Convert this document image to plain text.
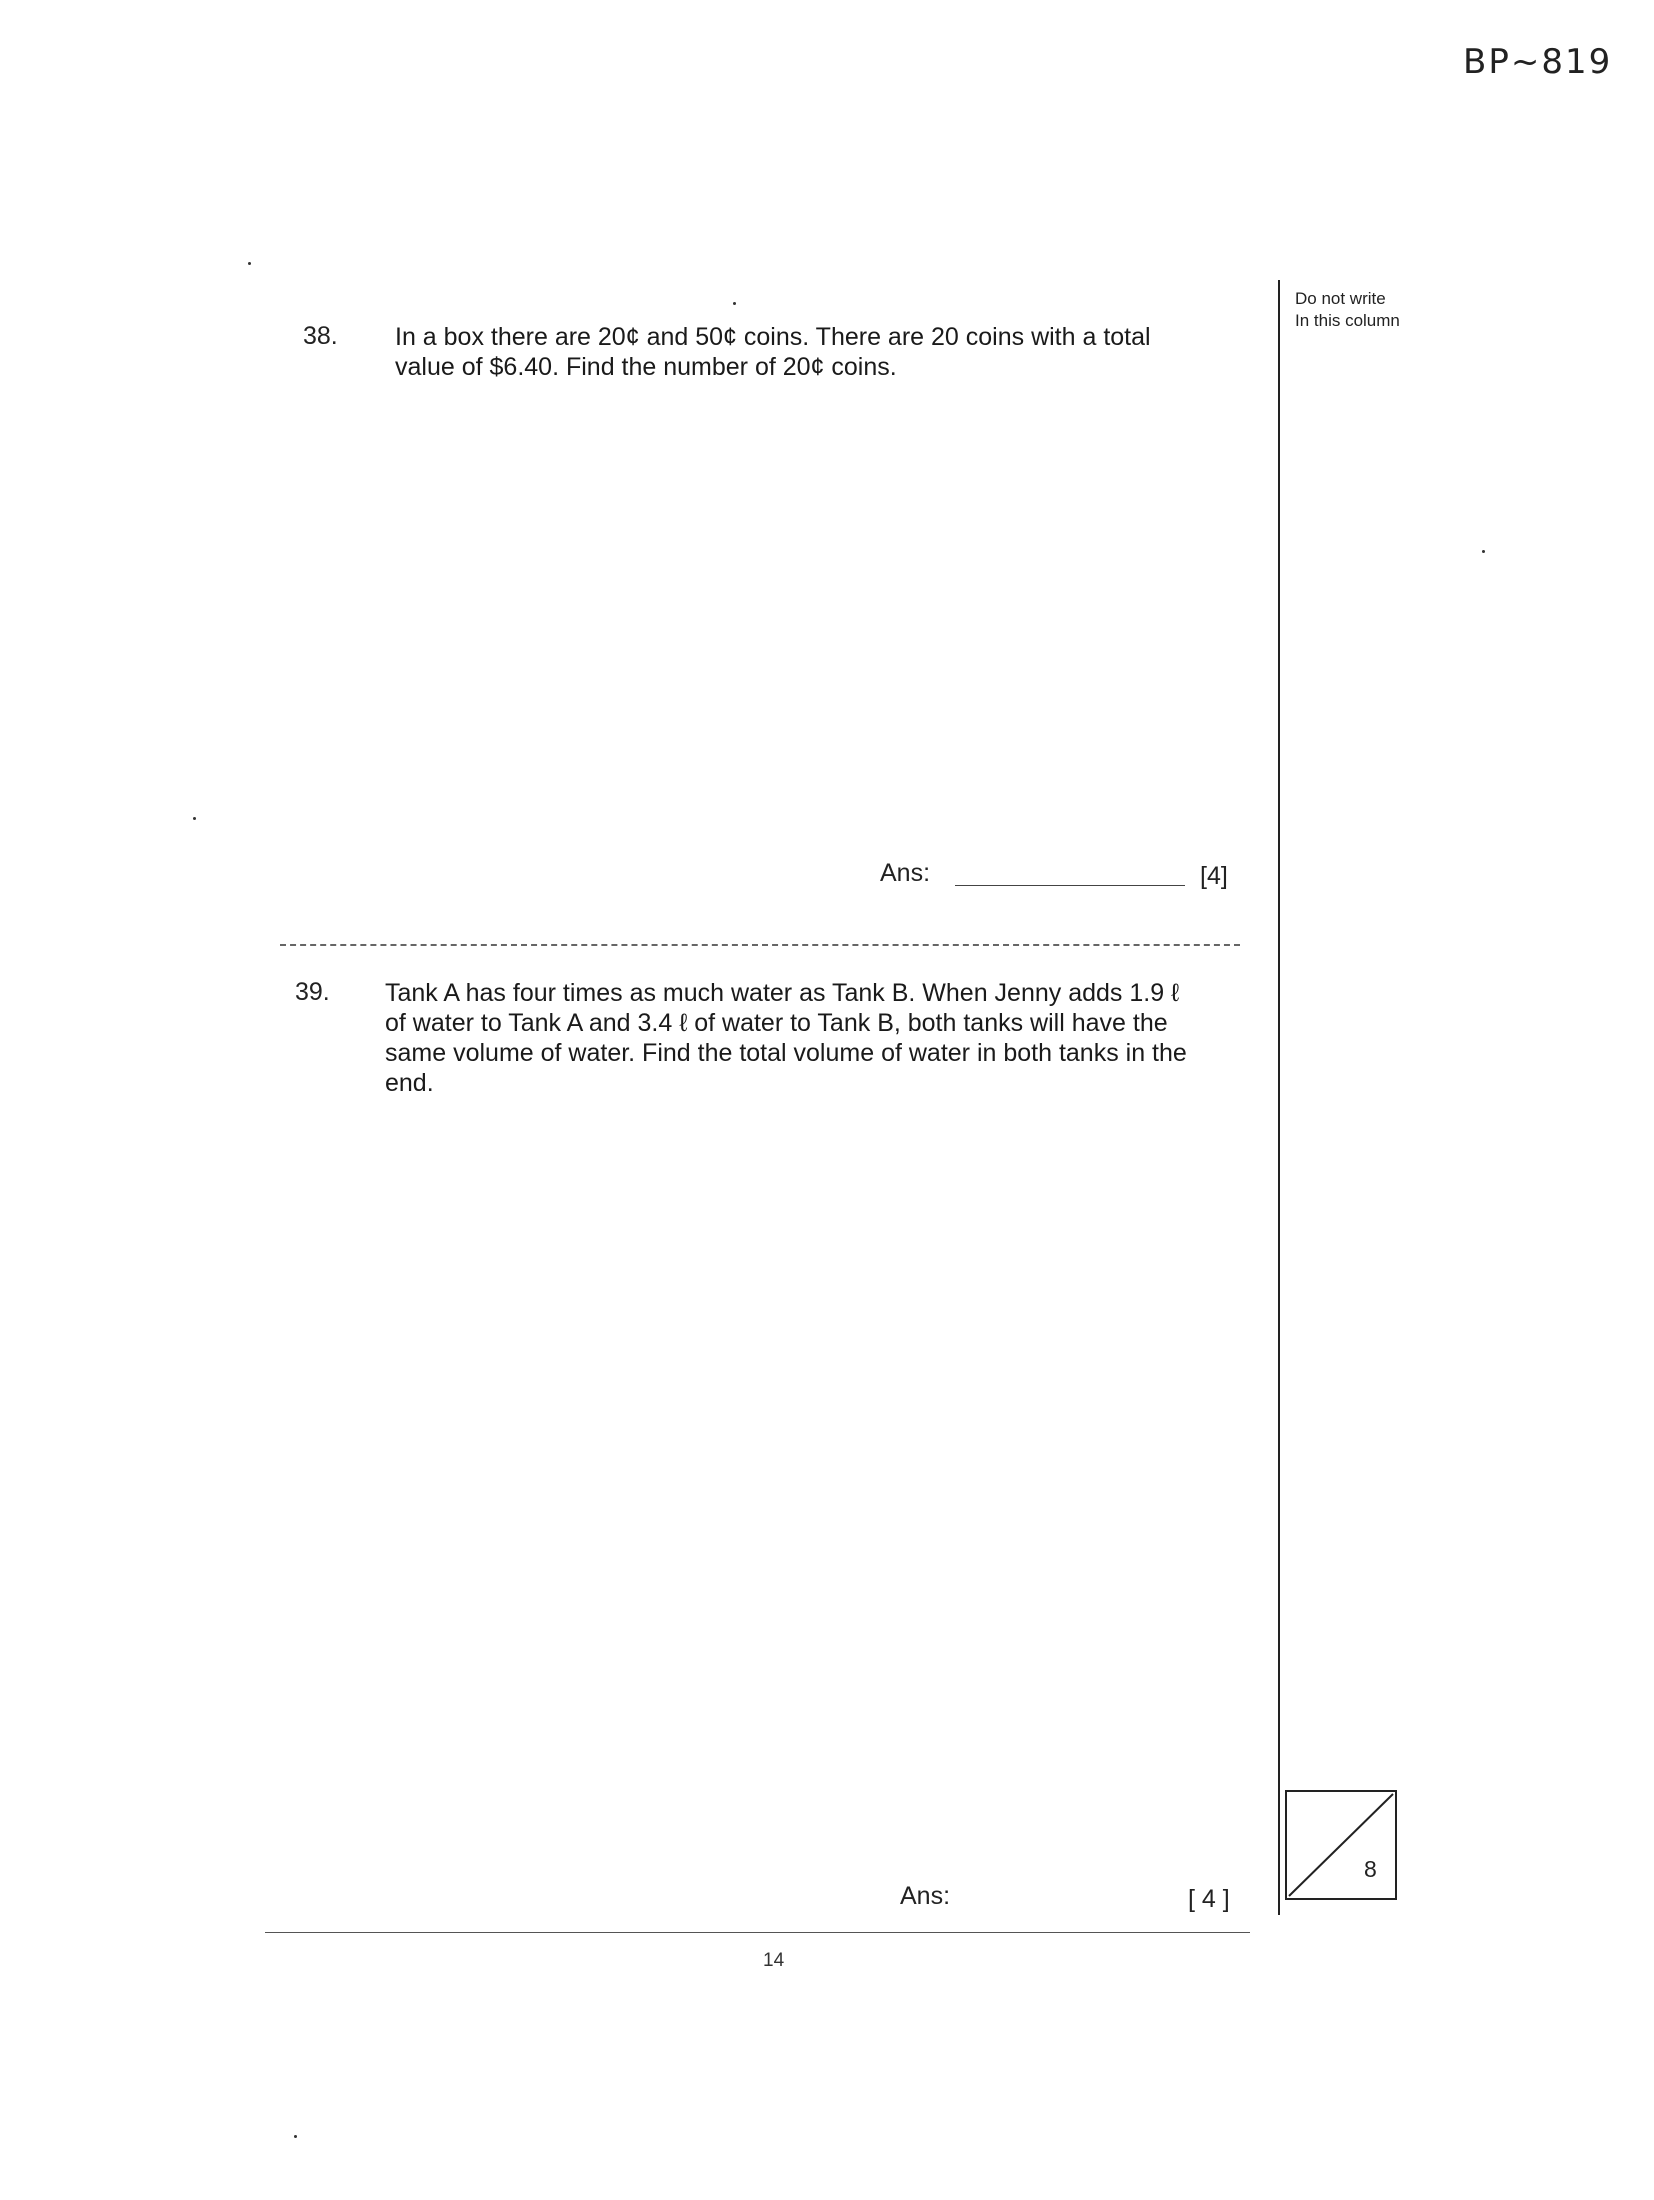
BP~819
Do not write
In this column
38. In a box there are 20¢ and 50¢ coins. There are 20 coins with a total
value of $6.40. Find the number of 20¢ coins.
Ans:	[4]
39. Tank A has four times as much water as Tank B. When Jenny adds 1.9 ℓ
of water to Tank A and 3.4 ℓ of water to Tank B, both tanks will have the
same volume of water. Find the total volume of water in both tanks in the
end.
Ans:	[ 4 ]
14
8
